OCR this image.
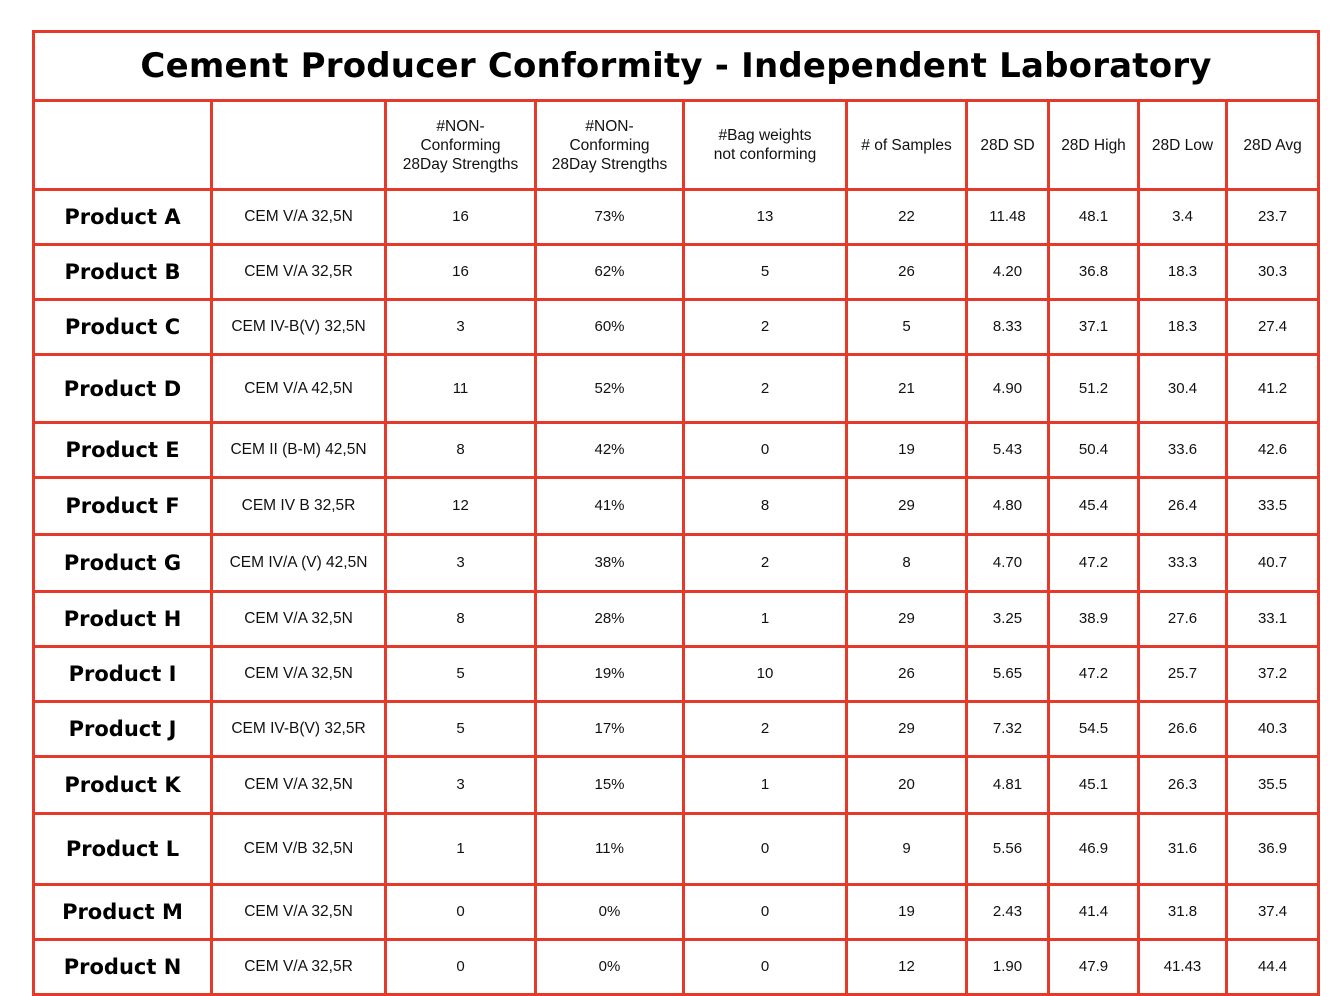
Cement Producer Conformity - Independent Laboratory									
		#NON-
Conforming
28Day Strengths	#NON-
Conforming
28Day Strengths	#Bag weights
not conforming	# of Samples	28D SD	28D High	28D Low	28D Avg
Product A	CEM V/A 32,5N	16	73%	13	22	11.48	48.1	3.4	23.7
Product B	CEM V/A 32,5R	16	62%	5	26	4.20	36.8	18.3	30.3
Product C	CEM IV-B(V) 32,5N	3	60%	2	5	8.33	37.1	18.3	27.4
Product D	CEM V/A 42,5N	11	52%	2	21	4.90	51.2	30.4	41.2
Product E	CEM II (B-M) 42,5N	8	42%	0	19	5.43	50.4	33.6	42.6
Product F	CEM IV B 32,5R	12	41%	8	29	4.80	45.4	26.4	33.5
Product G	CEM IV/A (V) 42,5N	3	38%	2	8	4.70	47.2	33.3	40.7
Product H	CEM V/A 32,5N	8	28%	1	29	3.25	38.9	27.6	33.1
Product I	CEM V/A 32,5N	5	19%	10	26	5.65	47.2	25.7	37.2
Product J	CEM IV-B(V) 32,5R	5	17%	2	29	7.32	54.5	26.6	40.3
Product K	CEM V/A 32,5N	3	15%	1	20	4.81	45.1	26.3	35.5
Product L	CEM V/B 32,5N	1	11%	0	9	5.56	46.9	31.6	36.9
Product M	CEM V/A 32,5N	0	0%	0	19	2.43	41.4	31.8	37.4
Product N	CEM V/A 32,5R	0	0%	0	12	1.90	47.9	41.43	44.4
